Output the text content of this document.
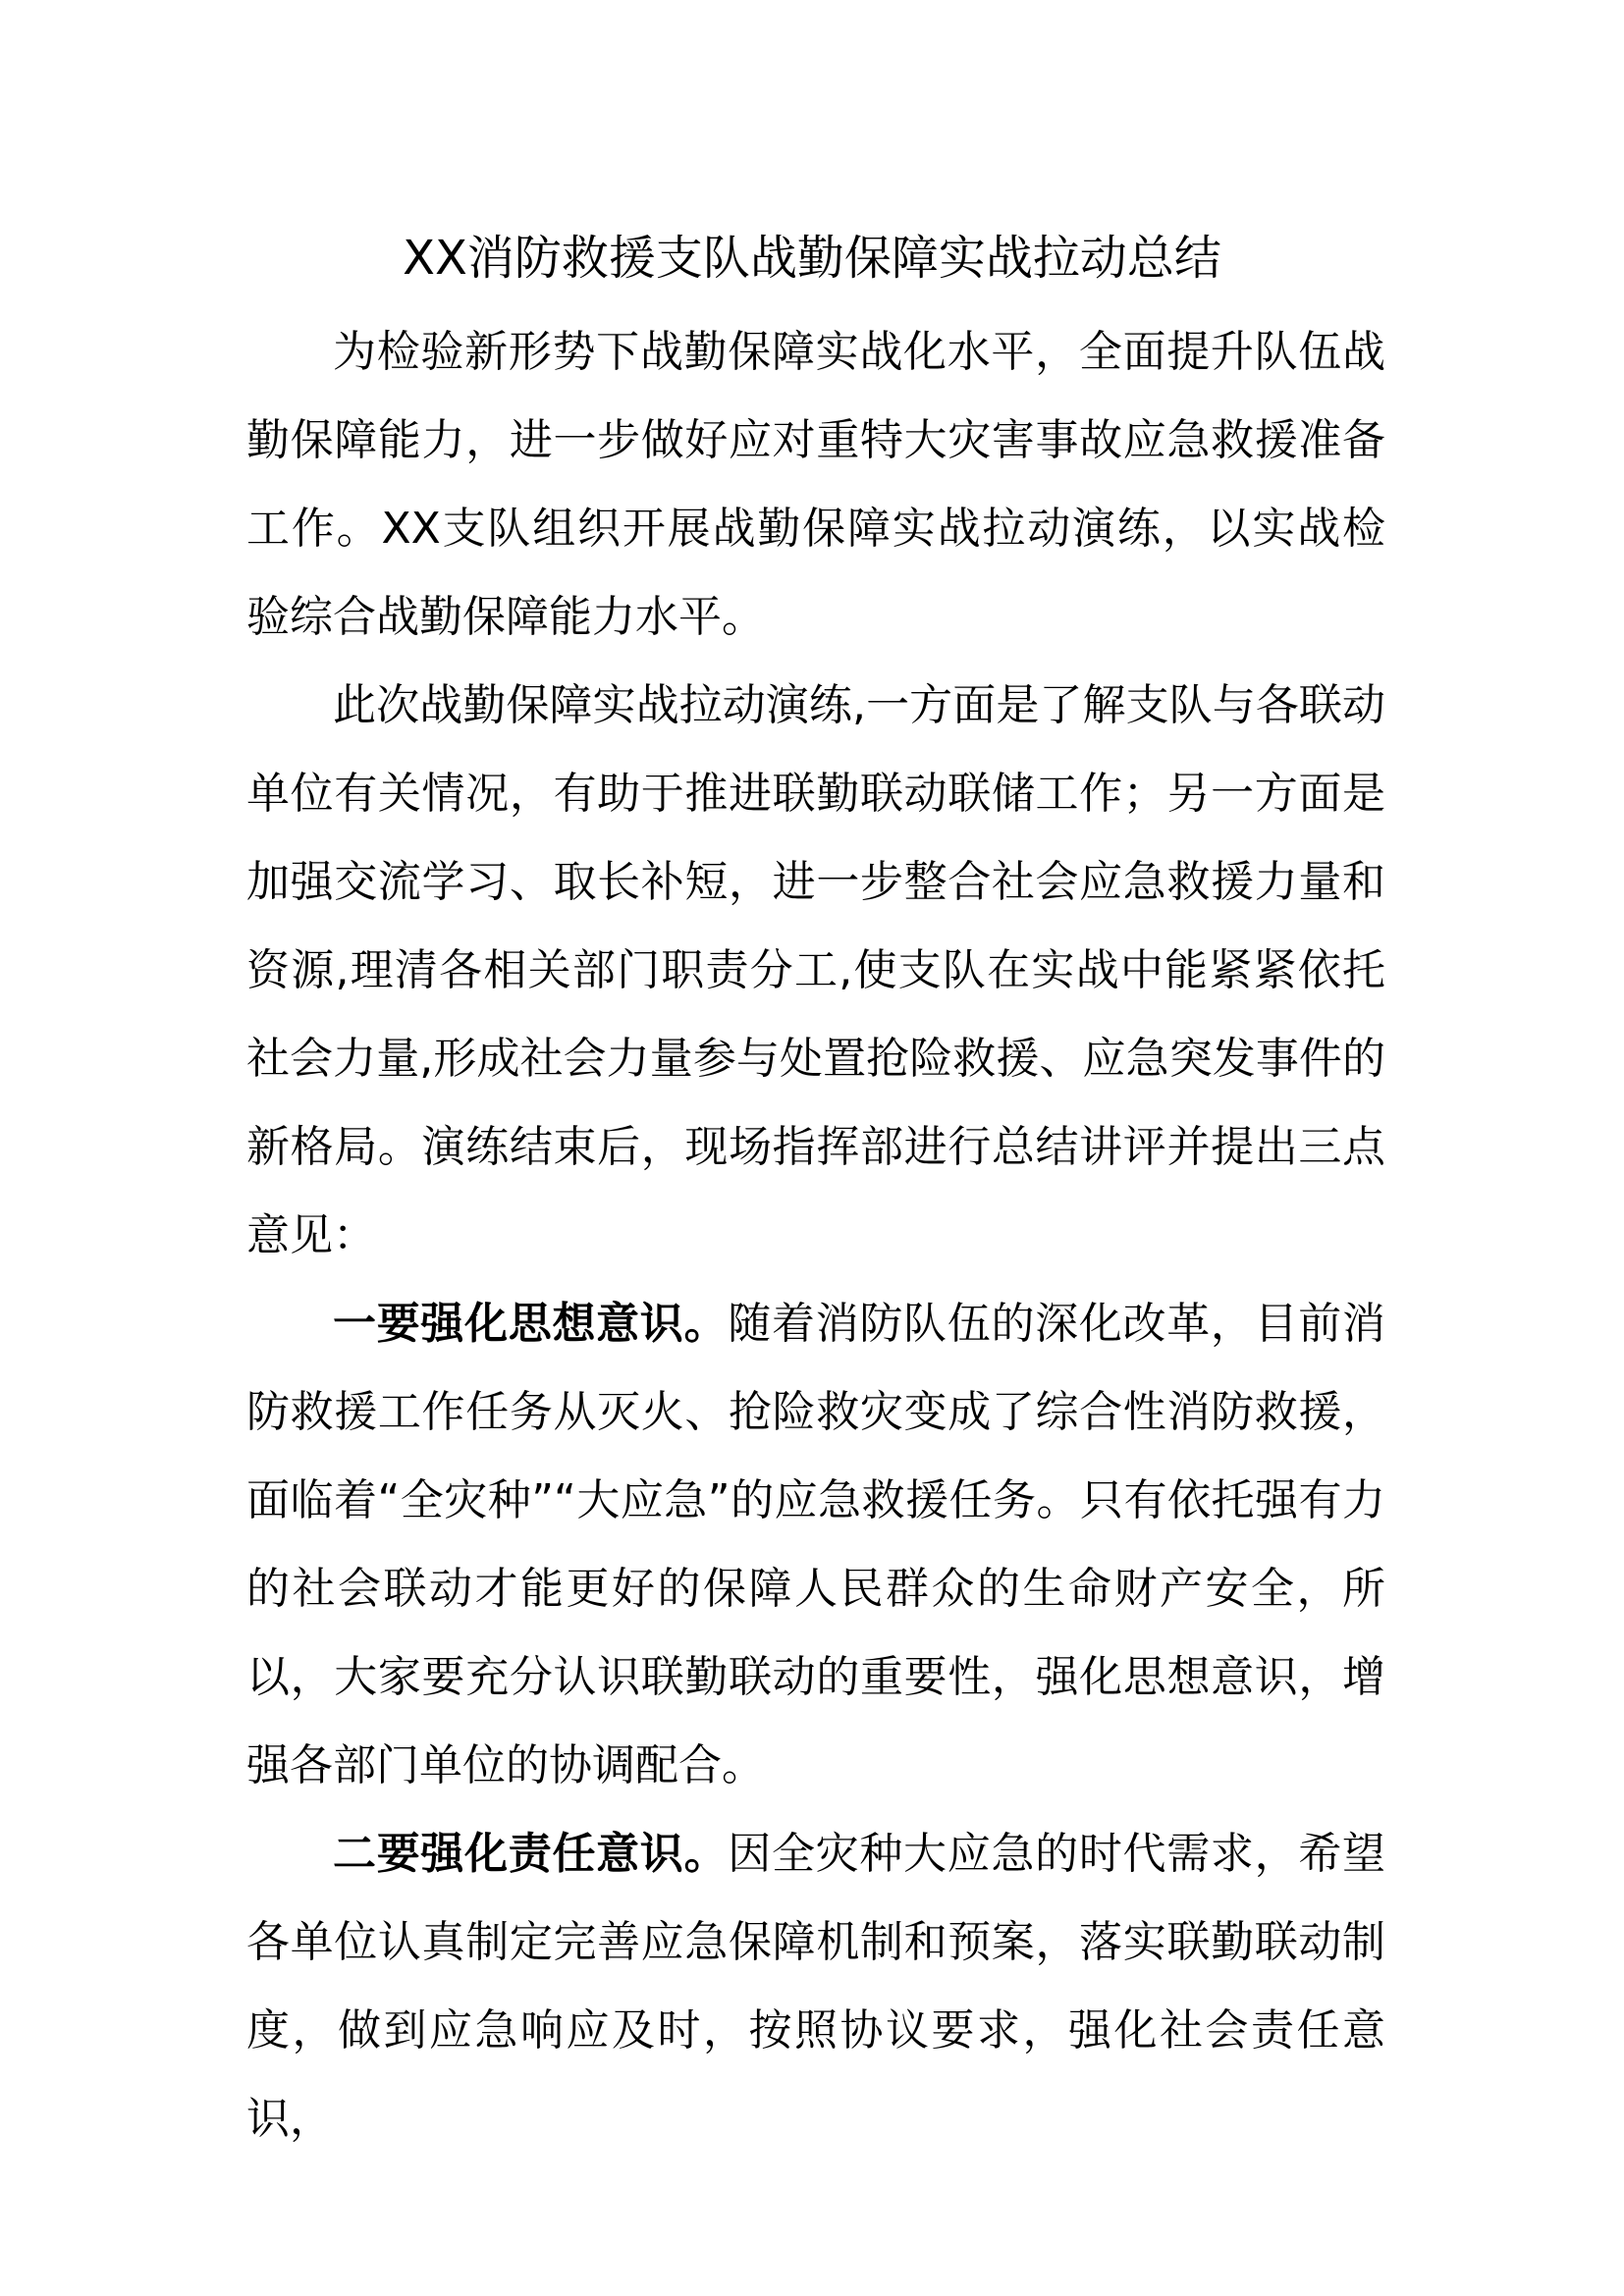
XX消防救援支队战勤保障实战拉动总结

为检验新形势下战勤保障实战化水平，全面提升队伍战勤保障能力，进一步做好应对重特大灾害事故应急救援准备工作。XX支队组织开展战勤保障实战拉动演练，以实战检验综合战勤保障能力水平。

此次战勤保障实战拉动演练,一方面是了解支队与各联动单位有关情况，有助于推进联勤联动联储工作；另一方面是加强交流学习、取长补短，进一步整合社会应急救援力量和资源,理清各相关部门职责分工,使支队在实战中能紧紧依托社会力量,形成社会力量参与处置抢险救援、应急突发事件的新格局。演练结束后，现场指挥部进行总结讲评并提出三点意见：

一要强化思想意识。随着消防队伍的深化改革，目前消防救援工作任务从灭火、抢险救灾变成了综合性消防救援，面临着“全灾种”“大应急”的应急救援任务。只有依托强有力的社会联动才能更好的保障人民群众的生命财产安全，所以，大家要充分认识联勤联动的重要性，强化思想意识，增强各部门单位的协调配合。

二要强化责任意识。因全灾种大应急的时代需求，希望各单位认真制定完善应急保障机制和预案，落实联勤联动制度，做到应急响应及时，按照协议要求，强化社会责任意识，
